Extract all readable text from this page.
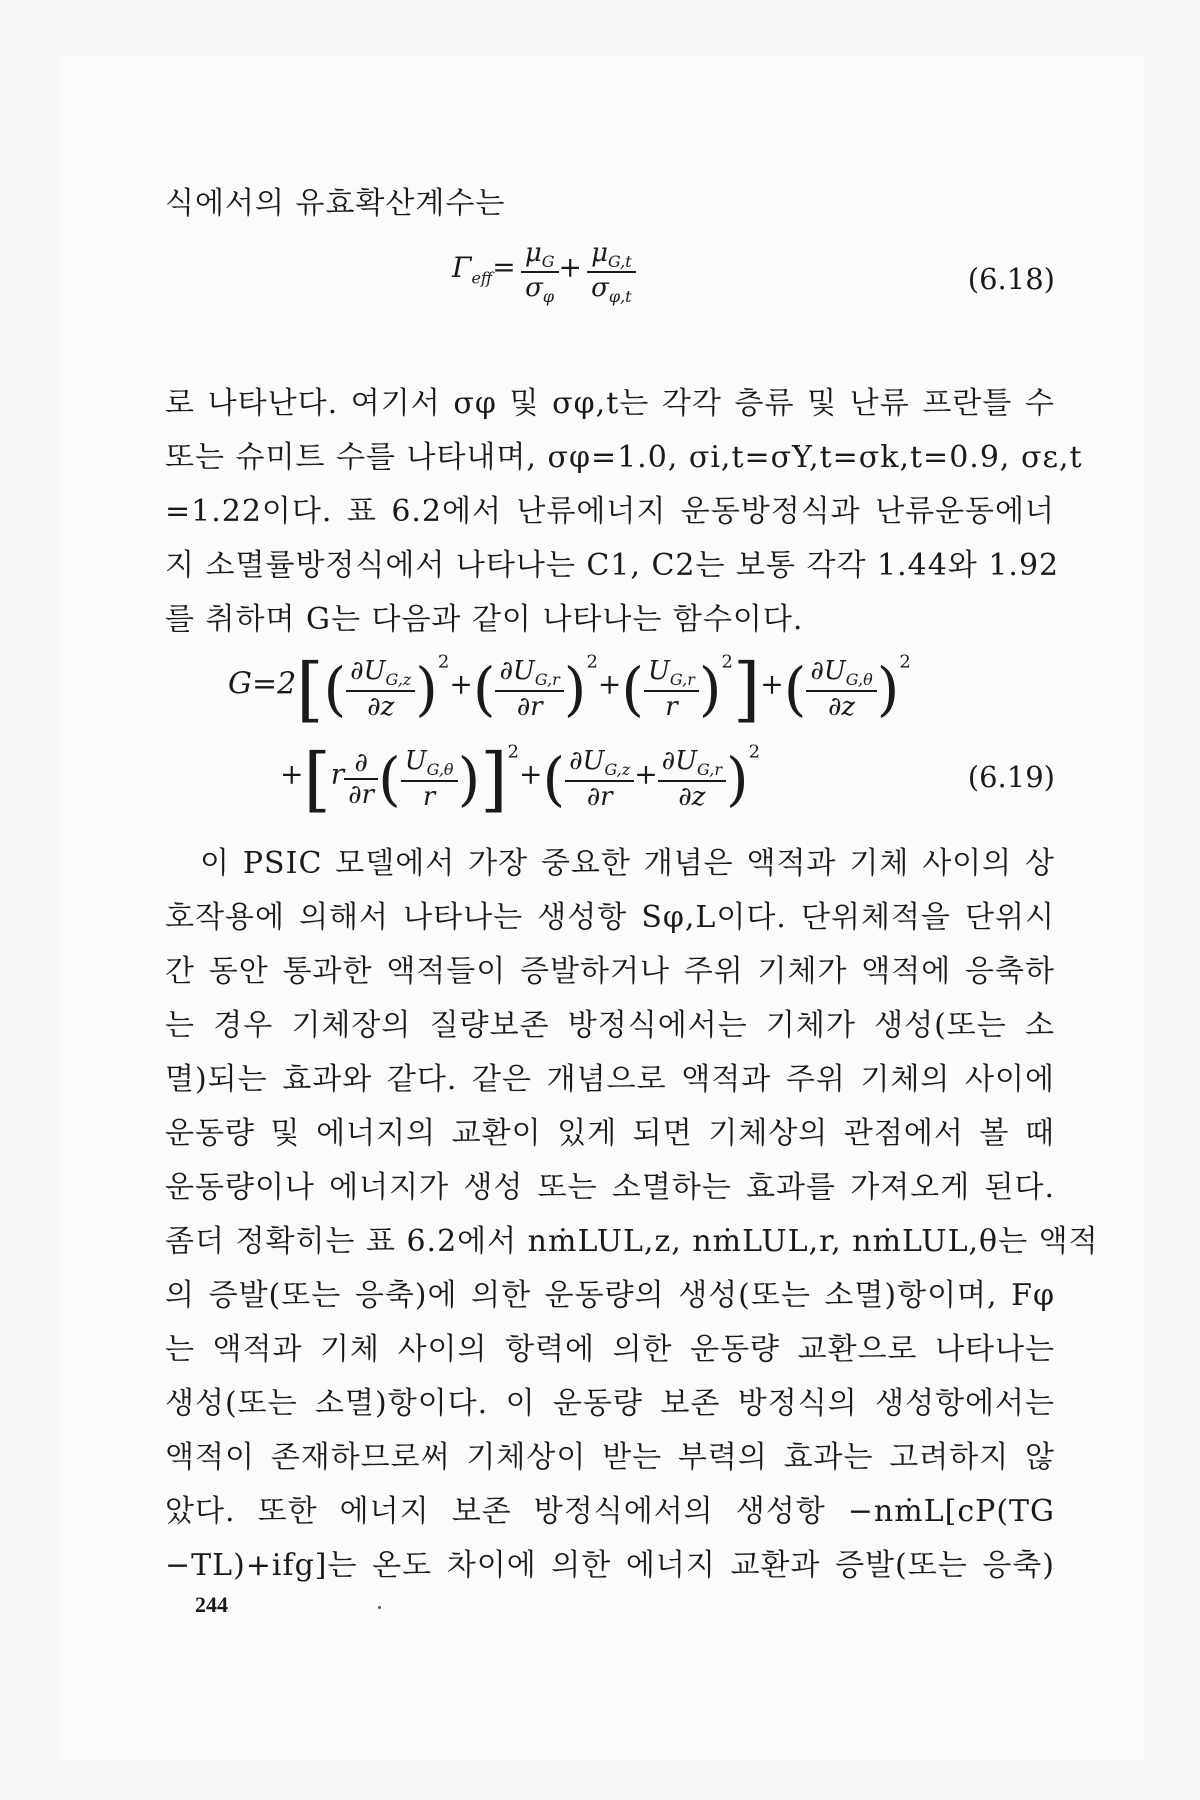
식에서의 유효확산계수는
$\Gamma_{eff}= \frac{\mu_G}{\sigma_\varphi} + \frac{\mu_{G,t}}{\sigma_{\varphi,t}}$	(6.18)
로 나타난다. 여기서 σφ 및 σφ,t는 각각 층류 및 난류 프란틀 수
또는 슈미트 수를 나타내며, σφ=1.0, σi,t=σY,t=σk,t=0.9, σε,t
=1.22이다. 표 6.2에서 난류에너지 운동방정식과 난류운동에너
지 소멸률방정식에서 나타나는 C1, C2는 보통 각각 1.44와 1.92
를 취하며 G는 다음과 같이 나타나는 함수이다.
$G=2[( \frac{\partial U_{G,z}}{\partial z} )2+( \frac{\partial U_{G,r}}{\partial r} )2+( \frac{U_{G,r}}{r} )2]+( \frac{\partial U_{G,\theta}}{\partial z} )2$
$+[r \frac{\partial}{\partial r}$ ( $\frac{U_{G,\theta}}{r} )]2+( \frac{\partial U_{G,z}}{\partial r} + \frac{\partial U_{G,r}}{\partial z} )2$
(6.19)
이 PSIC 모델에서 가장 중요한 개념은 액적과 기체 사이의 상
호작용에 의해서 나타나는 생성항 Sφ,L이다. 단위체적을 단위시
간 동안 통과한 액적들이 증발하거나 주위 기체가 액적에 응축하
는 경우 기체장의 질량보존 방정식에서는 기체가 생성(또는 소
멸)되는 효과와 같다. 같은 개념으로 액적과 주위 기체의 사이에
운동량 및 에너지의 교환이 있게 되면 기체상의 관점에서 볼 때
운동량이나 에너지가 생성 또는 소멸하는 효과를 가져오게 된다.
좀더 정확히는 표 6.2에서 nṁLUL,z, nṁLUL,r, nṁLUL,θ는 액적
의 증발(또는 응축)에 의한 운동량의 생성(또는 소멸)항이며, Fφ
는 액적과 기체 사이의 항력에 의한 운동량 교환으로 나타나는
생성(또는 소멸)항이다. 이 운동량 보존 방정식의 생성항에서는
액적이 존재하므로써 기체상이 받는 부력의 효과는 고려하지 않
았다. 또한 에너지 보존 방정식에서의 생성항 −nṁL[cP(TG
−TL)+ifg]는 온도 차이에 의한 에너지 교환과 증발(또는 응축)
244
